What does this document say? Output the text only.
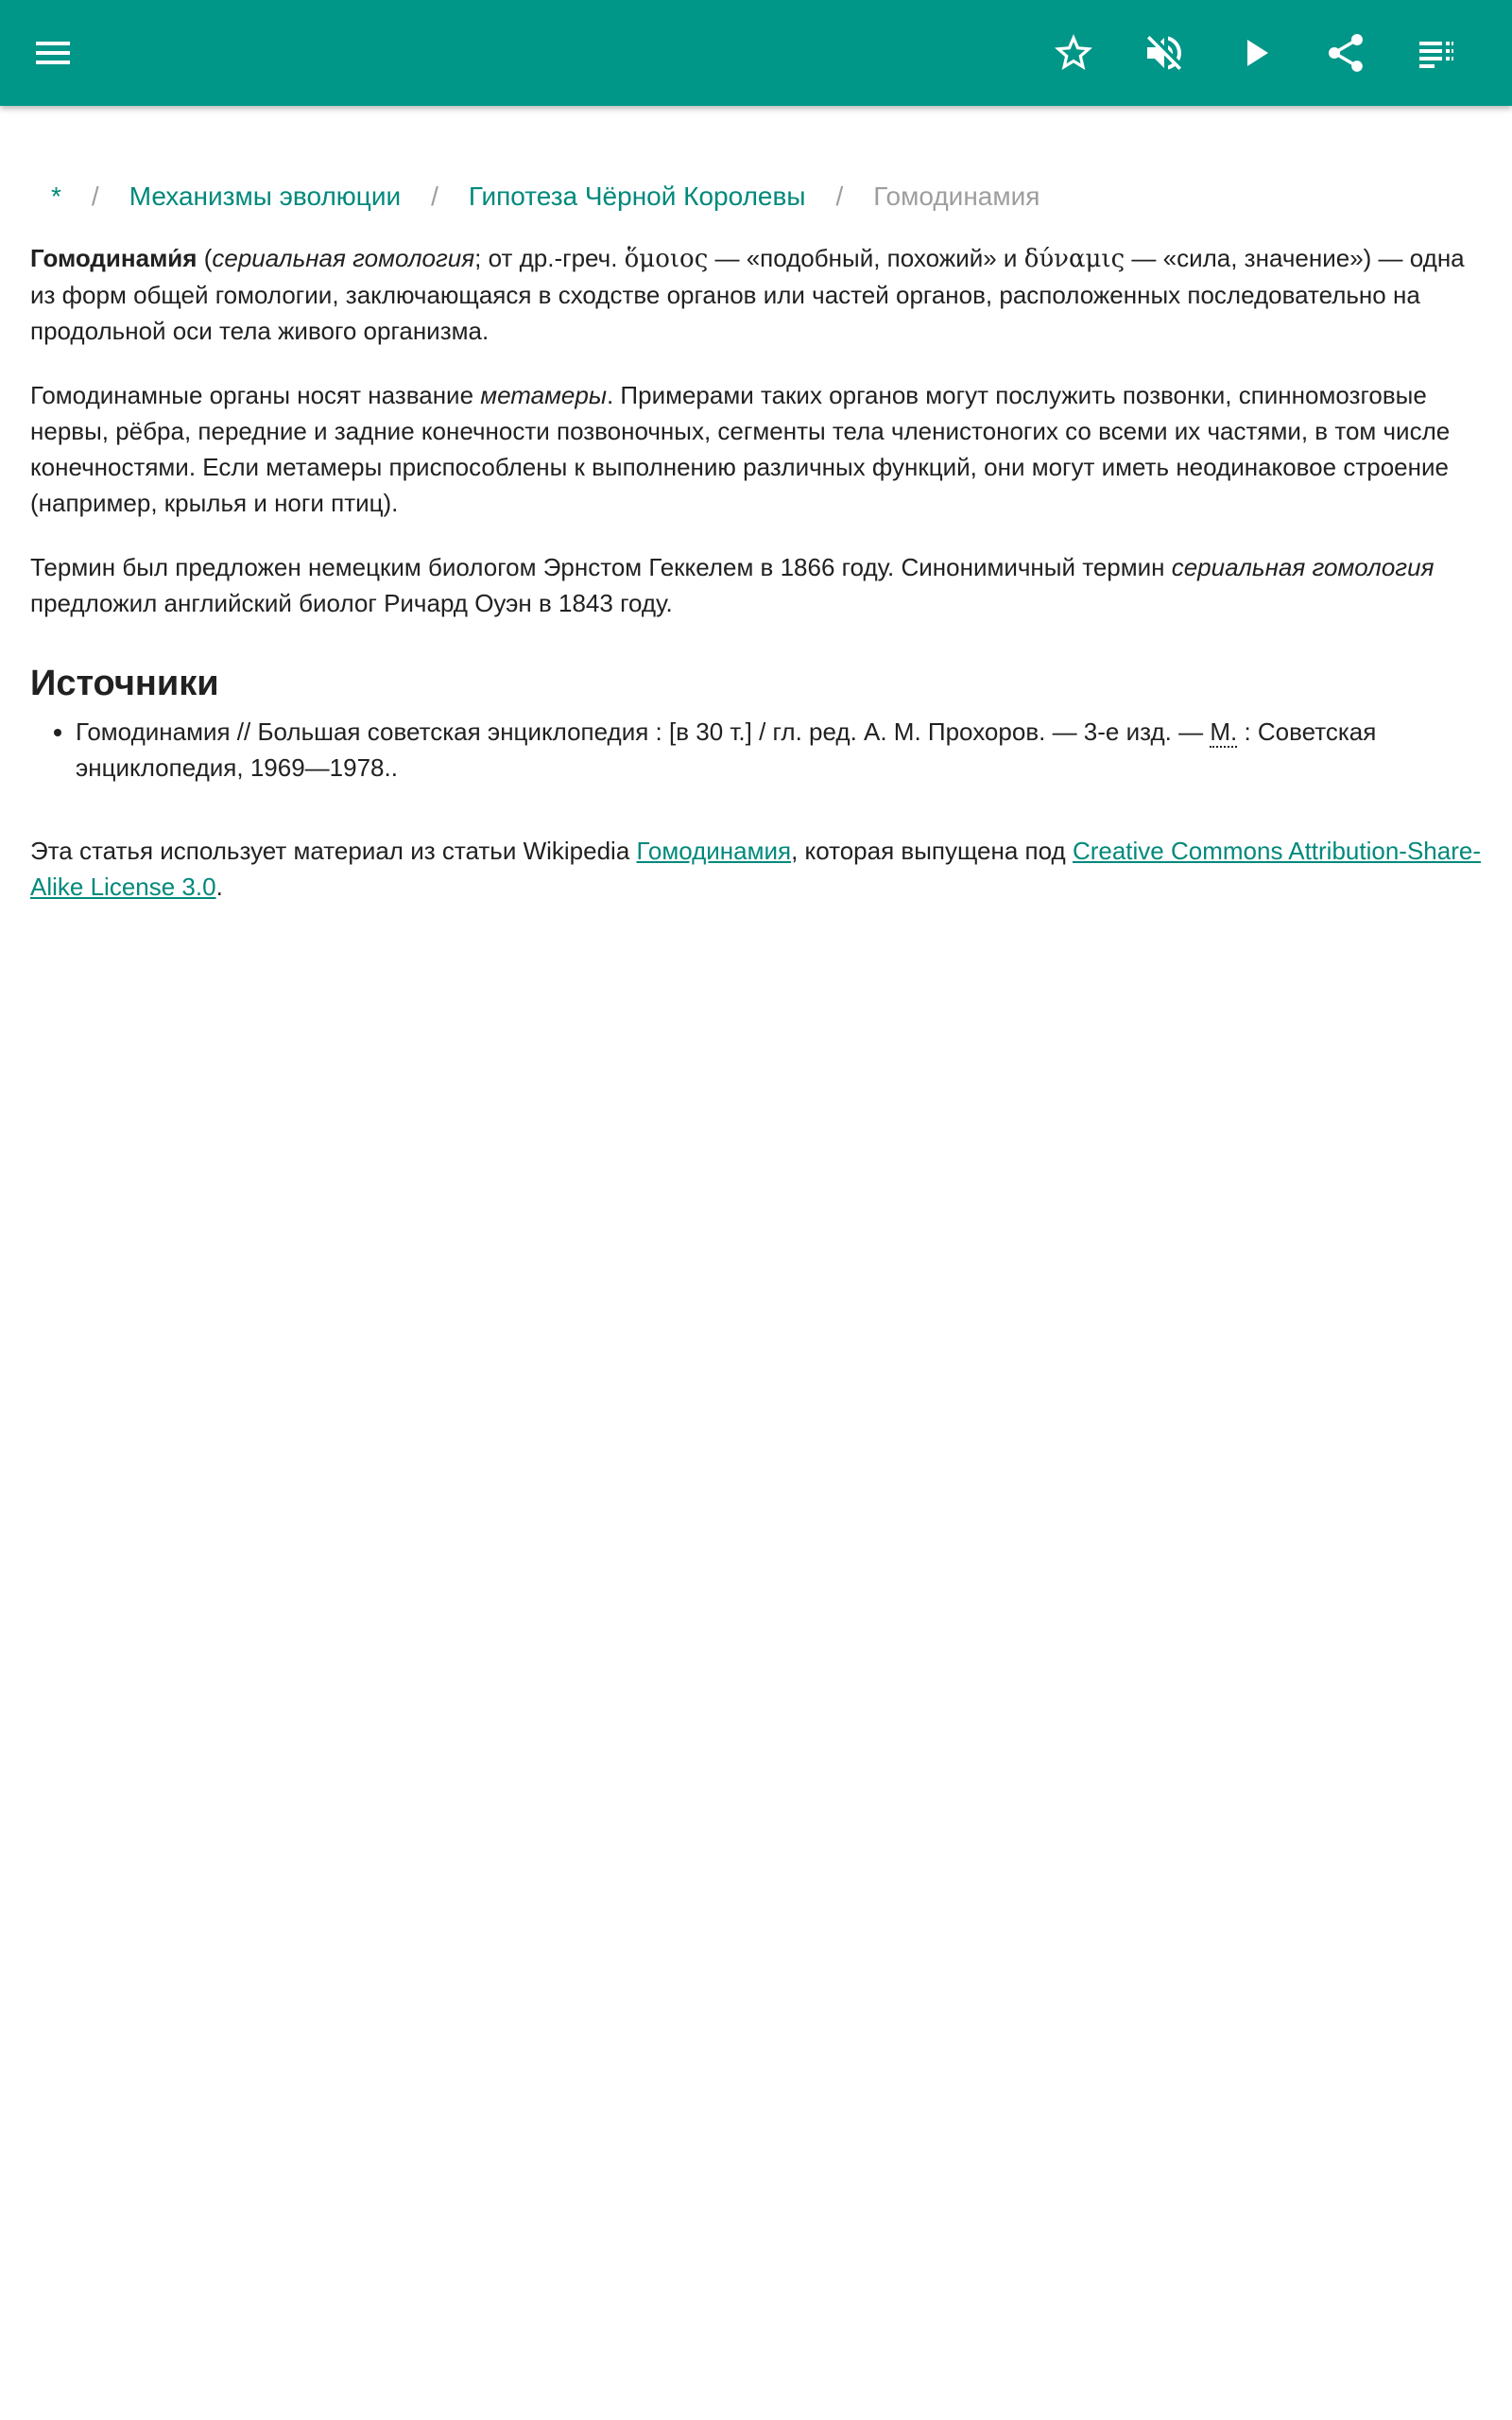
* / Механизмы эволюции / Гипотеза Чёрной Королевы / Гомодинамия

Гомодинами́я (сериальная гомология; от др.-греч. ὅμοιος — «подобный, похожий» и δύναμις — «сила, значение») — одна из форм общей гомологии, заключающаяся в сходстве органов или частей органов, расположенных последовательно на продольной оси тела живого организма.

Гомодинамные органы носят название метамеры. Примерами таких органов могут послужить позвонки, спинномозговые нервы, рёбра, передние и задние конечности позвоночных, сегменты тела членистоногих со всеми их частями, в том числе конечностями. Если метамеры приспособлены к выполнению различных функций, они могут иметь неодинаковое строение (например, крылья и ноги птиц).

Термин был предложен немецким биологом Эрнстом Геккелем в 1866 году. Синонимичный термин сериальная гомология предложил английский биолог Ричард Оуэн в 1843 году.

Источники
• Гомодинамия // Большая советская энциклопедия : [в 30 т.] / гл. ред. А. М. Прохоров. — 3-е изд. — М. : Советская энциклопедия, 1969—1978..

Эта статья использует материал из статьи Wikipedia Гомодинамия, которая выпущена под Creative Commons Attribution-Share-Alike License 3.0.
